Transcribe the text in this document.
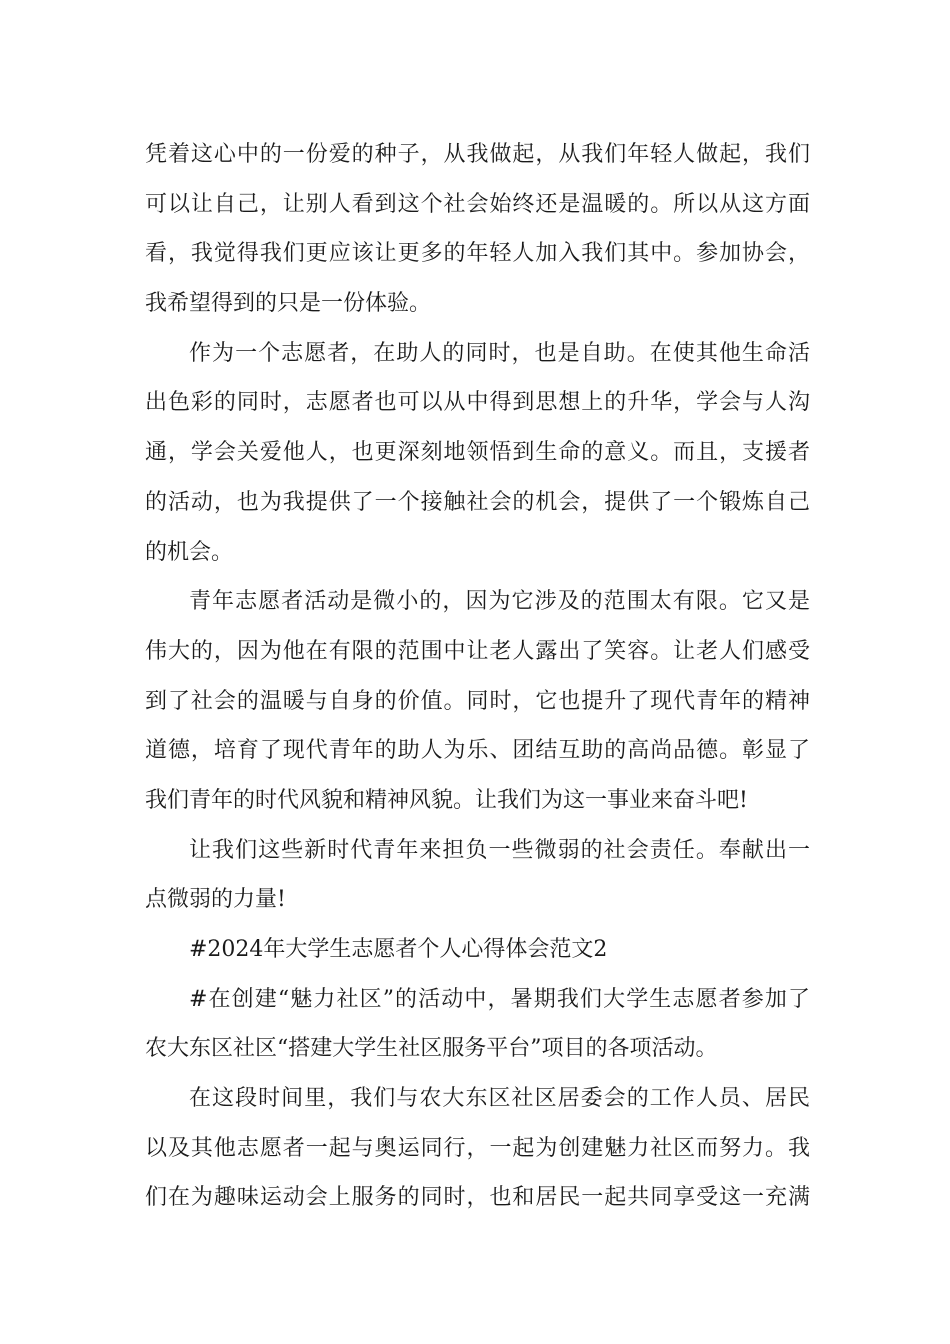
凭着这心中的一份爱的种子，从我做起，从我们年轻人做起，我们
可以让自己，让别人看到这个社会始终还是温暖的。所以从这方面
看，我觉得我们更应该让更多的年轻人加入我们其中。参加协会，
我希望得到的只是一份体验。
作为一个志愿者，在助人的同时，也是自助。在使其他生命活
出色彩的同时，志愿者也可以从中得到思想上的升华，学会与人沟
通，学会关爱他人，也更深刻地领悟到生命的意义。而且，支援者
的活动，也为我提供了一个接触社会的机会，提供了一个锻炼自己
的机会。
青年志愿者活动是微小的，因为它涉及的范围太有限。它又是
伟大的，因为他在有限的范围中让老人露出了笑容。让老人们感受
到了社会的温暖与自身的价值。同时，它也提升了现代青年的精神
道德，培育了现代青年的助人为乐、团结互助的高尚品德。彰显了
我们青年的时代风貌和精神风貌。让我们为这一事业来奋斗吧!
让我们这些新时代青年来担负一些微弱的社会责任。奉献出一
点微弱的力量!
#2024年大学生志愿者个人心得体会范文2
#在创建“魅力社区”的活动中，暑期我们大学生志愿者参加了
农大东区社区“搭建大学生社区服务平台”项目的各项活动。
在这段时间里，我们与农大东区社区居委会的工作人员、居民
以及其他志愿者一起与奥运同行，一起为创建魅力社区而努力。我
们在为趣味运动会上服务的同时，也和居民一起共同享受这一充满
